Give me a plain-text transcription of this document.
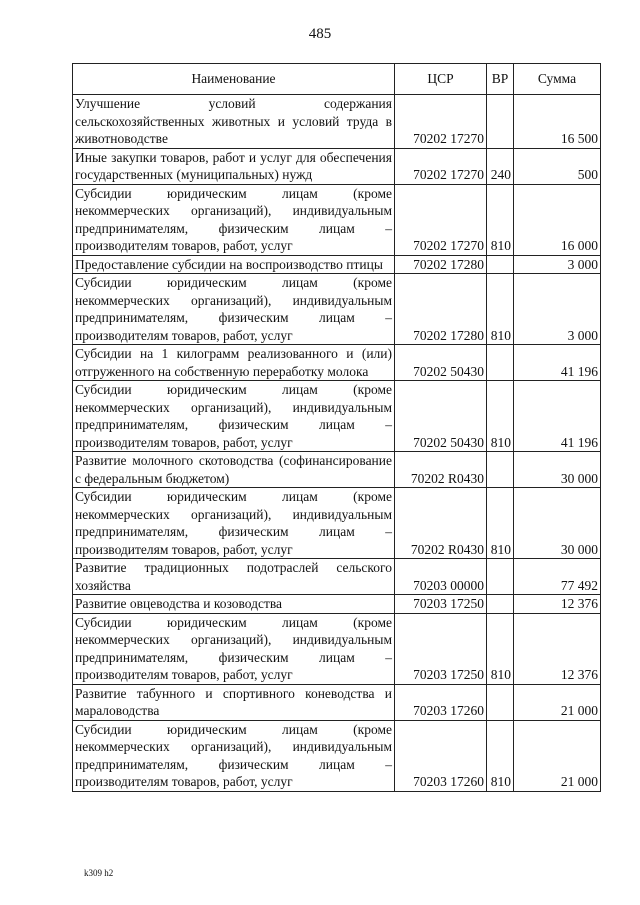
485
Наименование	ЦСР	ВР	Сумма
Улучшение условий содержания сельскохозяйственных животных и условий труда в животноводстве	70202 17270		16 500
Иные закупки товаров, работ и услуг для обеспечения государственных (муниципальных) нужд	70202 17270	240	500
Субсидии юридическим лицам (кроме некоммерческих организаций), индивидуальным предпринимателям, физическим лицам – производителям товаров, работ, услуг	70202 17270	810	16 000
Предоставление субсидии на воспроизводство птицы	70202 17280		3 000
Субсидии юридическим лицам (кроме некоммерческих организаций), индивидуальным предпринимателям, физическим лицам – производителям товаров, работ, услуг	70202 17280	810	3 000
Субсидии на 1 килограмм реализованного и (или) отгруженного на собственную переработку молока	70202 50430		41 196
Субсидии юридическим лицам (кроме некоммерческих организаций), индивидуальным предпринимателям, физическим лицам – производителям товаров, работ, услуг	70202 50430	810	41 196
Развитие молочного скотоводства (софинансирование с федеральным бюджетом)	70202 R0430		30 000
Субсидии юридическим лицам (кроме некоммерческих организаций), индивидуальным предпринимателям, физическим лицам – производителям товаров, работ, услуг	70202 R0430	810	30 000
Развитие традиционных подотраслей сельского хозяйства	70203 00000		77 492
Развитие овцеводства и козоводства	70203 17250		12 376
Субсидии юридическим лицам (кроме некоммерческих организаций), индивидуальным предпринимателям, физическим лицам – производителям товаров, работ, услуг	70203 17250	810	12 376
Развитие табунного и спортивного коневодства и мараловодства	70203 17260		21 000
Субсидии юридическим лицам (кроме некоммерческих организаций), индивидуальным предпринимателям, физическим лицам – производителям товаров, работ, услуг	70203 17260	810	21 000
k309 h2
